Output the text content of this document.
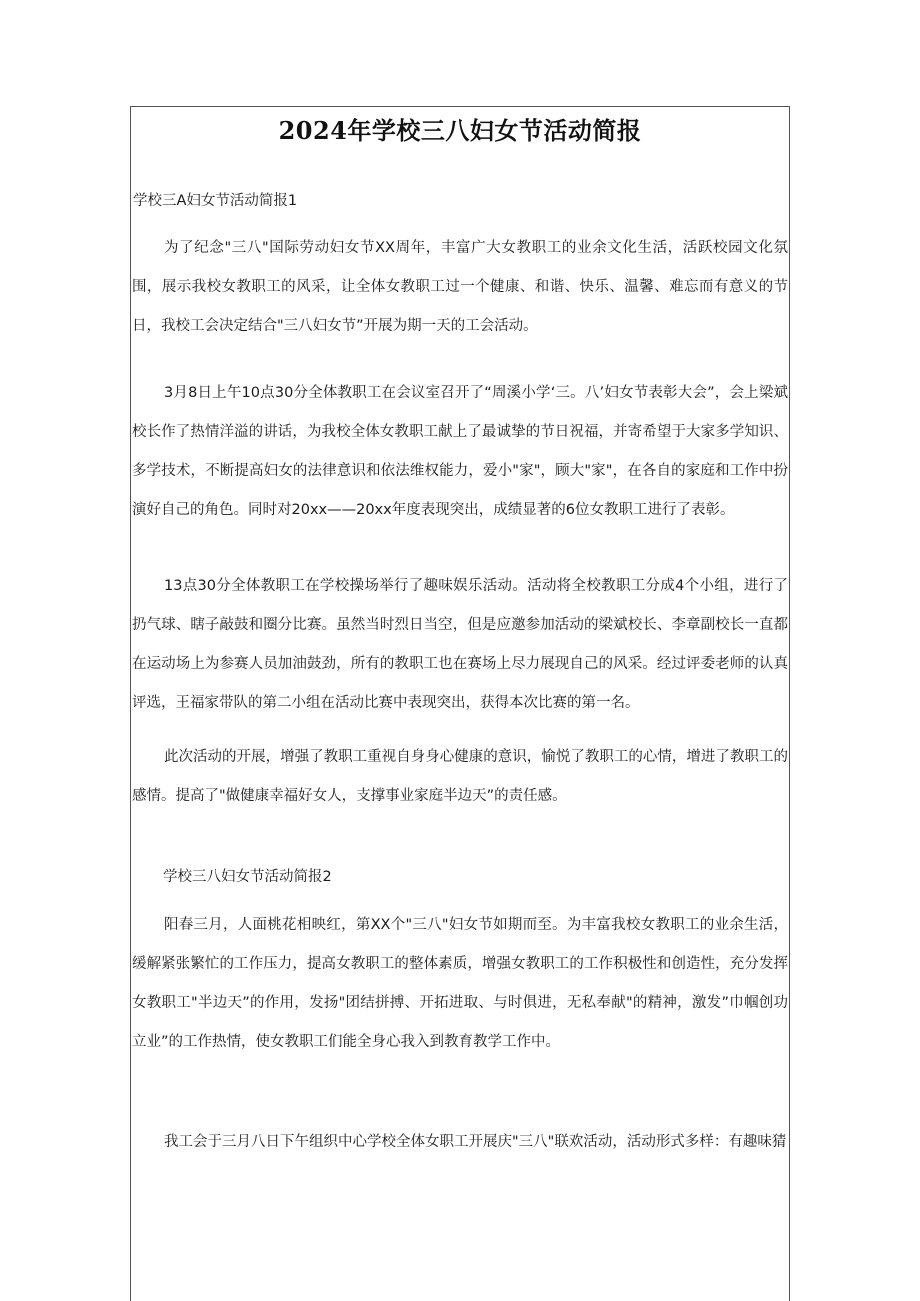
2024年学校三八妇女节活动简报
学校三A妇女节活动简报1

为了纪念"三八"国际劳动妇女节XX周年，丰富广大女教职工的业余文化生活，活跃校园文化氛围，展示我校女教职工的风采，让全体女教职工过一个健康、和谐、快乐、温馨、难忘而有意义的节日，我校工会决定结合"三八妇女节”开展为期一天的工会活动。

3月8日上午10点30分全体教职工在会议室召开了“周溪小学‘三。八’妇女节表彰大会”，会上梁斌校长作了热情洋溢的讲话，为我校全体女教职工献上了最诚挚的节日祝福，并寄希望于大家多学知识、多学技术，不断提高妇女的法律意识和依法维权能力，爱小"家"，顾大"家"，在各自的家庭和工作中扮演好自己的角色。同时对20xx——20xx年度表现突出，成绩显著的6位女教职工进行了表彰。

13点30分全体教职工在学校操场举行了趣味娱乐活动。活动将全校教职工分成4个小组，进行了扔气球、瞎子敲鼓和圈分比赛。虽然当时烈日当空，但是应邀参加活动的梁斌校长、李章副校长一直都在运动场上为参赛人员加油鼓劲，所有的教职工也在赛场上尽力展现自己的风采。经过评委老师的认真评选，王福家带队的第二小组在活动比赛中表现突出，获得本次比赛的第一名。

此次活动的开展，增强了教职工重视自身身心健康的意识，愉悦了教职工的心情，增进了教职工的感情。提高了"做健康幸福好女人，支撑事业家庭半边天”的责任感。

学校三八妇女节活动简报2

阳春三月，人面桃花相映红，第XX个"三八"妇女节如期而至。为丰富我校女教职工的业余生活，缓解紧张繁忙的工作压力，提高女教职工的整体素质，增强女教职工的工作积极性和创造性，充分发挥女教职工"半边天”的作用，发扬"团结拼搏、开拓进取、与时俱进，无私奉献"的精神，激发”巾帼创功立业”的工作热情，使女教职工们能全身心我入到教育教学工作中。

我工会于三月八日下午组织中心学校全体女职工开展庆"三八"联欢活动，活动形式多样：有趣味猜
